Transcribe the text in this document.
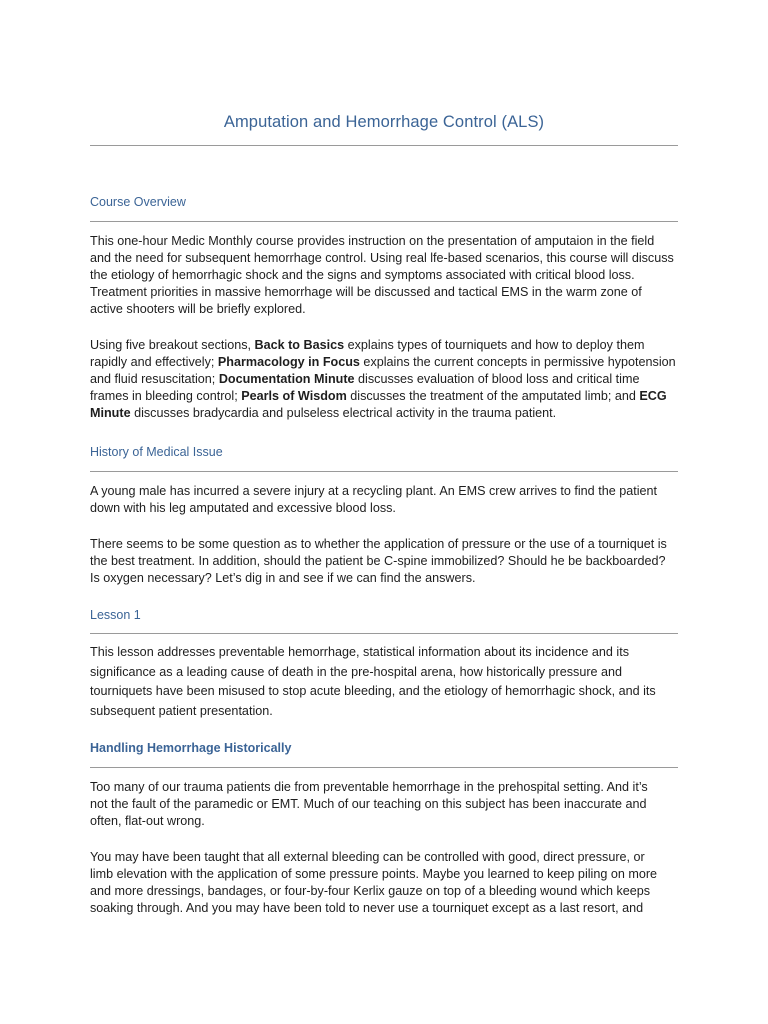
Amputation and Hemorrhage Control (ALS)
Course Overview
This one-hour Medic Monthly course provides instruction on the presentation of amputaion in the field
and the need for subsequent hemorrhage control. Using real lfe-based scenarios, this course will discuss
the etiology of hemorrhagic shock and the signs and symptoms associated with critical blood loss.
Treatment priorities in massive hemorrhage will be discussed and tactical EMS in the warm zone of
active shooters will be briefly explored.
Using five breakout sections, Back to Basics explains types of tourniquets and how to deploy them
rapidly and effectively; Pharmacology in Focus explains the current concepts in permissive hypotension
and fluid resuscitation; Documentation Minute discusses evaluation of blood loss and critical time
frames in bleeding control; Pearls of Wisdom discusses the treatment of the amputated limb; and ECG
Minute discusses bradycardia and pulseless electrical activity in the trauma patient.
History of Medical Issue
A young male has incurred a severe injury at a recycling plant. An EMS crew arrives to find the patient
down with his leg amputated and excessive blood loss.
There seems to be some question as to whether the application of pressure or the use of a tourniquet is
the best treatment. In addition, should the patient be C-spine immobilized? Should he be backboarded?
Is oxygen necessary? Let’s dig in and see if we can find the answers.
Lesson 1
This lesson addresses preventable hemorrhage, statistical information about its incidence and its
significance as a leading cause of death in the pre-hospital arena, how historically pressure and
tourniquets have been misused to stop acute bleeding, and the etiology of hemorrhagic shock, and its
subsequent patient presentation.
Handling Hemorrhage Historically
Too many of our trauma patients die from preventable hemorrhage in the prehospital setting. And it’s
not the fault of the paramedic or EMT. Much of our teaching on this subject has been inaccurate and
often, flat-out wrong.
You may have been taught that all external bleeding can be controlled with good, direct pressure, or
limb elevation with the application of some pressure points. Maybe you learned to keep piling on more
and more dressings, bandages, or four-by-four Kerlix gauze on top of a bleeding wound which keeps
soaking through. And you may have been told to never use a tourniquet except as a last resort, and
